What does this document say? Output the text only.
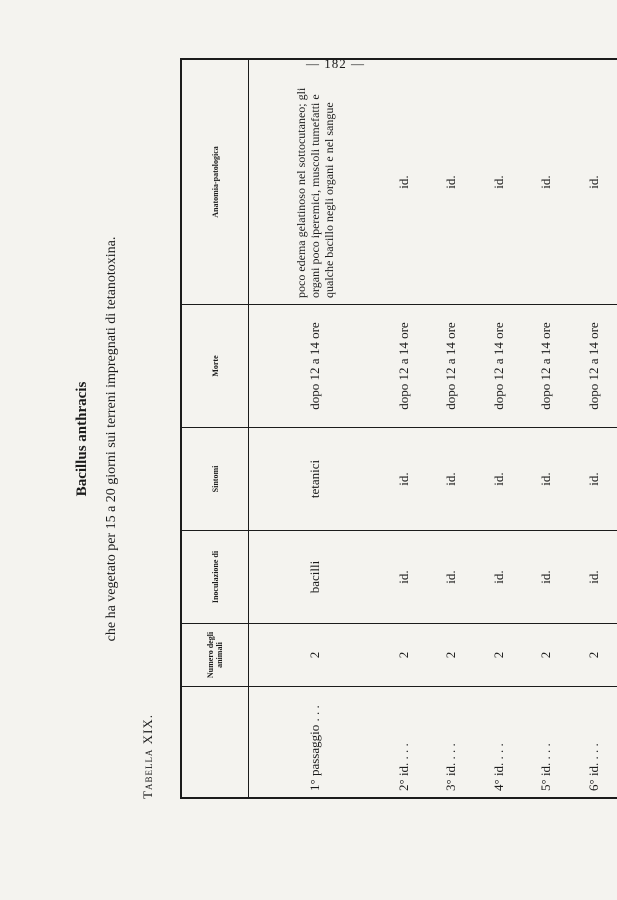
— 182 —
Bacillus anthracis che ha vegetato per 15 a 20 giorni sui terreni impregnati di tetanotoxina.
Tabella XIX.
	Numero degli animali	Inoculazione di	Sintomi	Morte	Anatomia-patologica
1° passaggio . . .	2	bacilli	tetanici	dopo 12 a 14 ore	poco edema gelatinoso nel sottocutaneo; gli organi poco iperemici, muscoli tumefatti e qualche bacillo negli organi e nel sangue
2° id. . . .	2	id.	id.	dopo 12 a 14 ore	id.
3° id. . . .	2	id.	id.	dopo 12 a 14 ore	id.
4° id. . . .	2	id.	id.	dopo 12 a 14 ore	id.
5° id. . . .	2	id.	id.	dopo 12 a 14 ore	id.
6° id. . . .	2	id.	id.	dopo 12 a 14 ore	id.
